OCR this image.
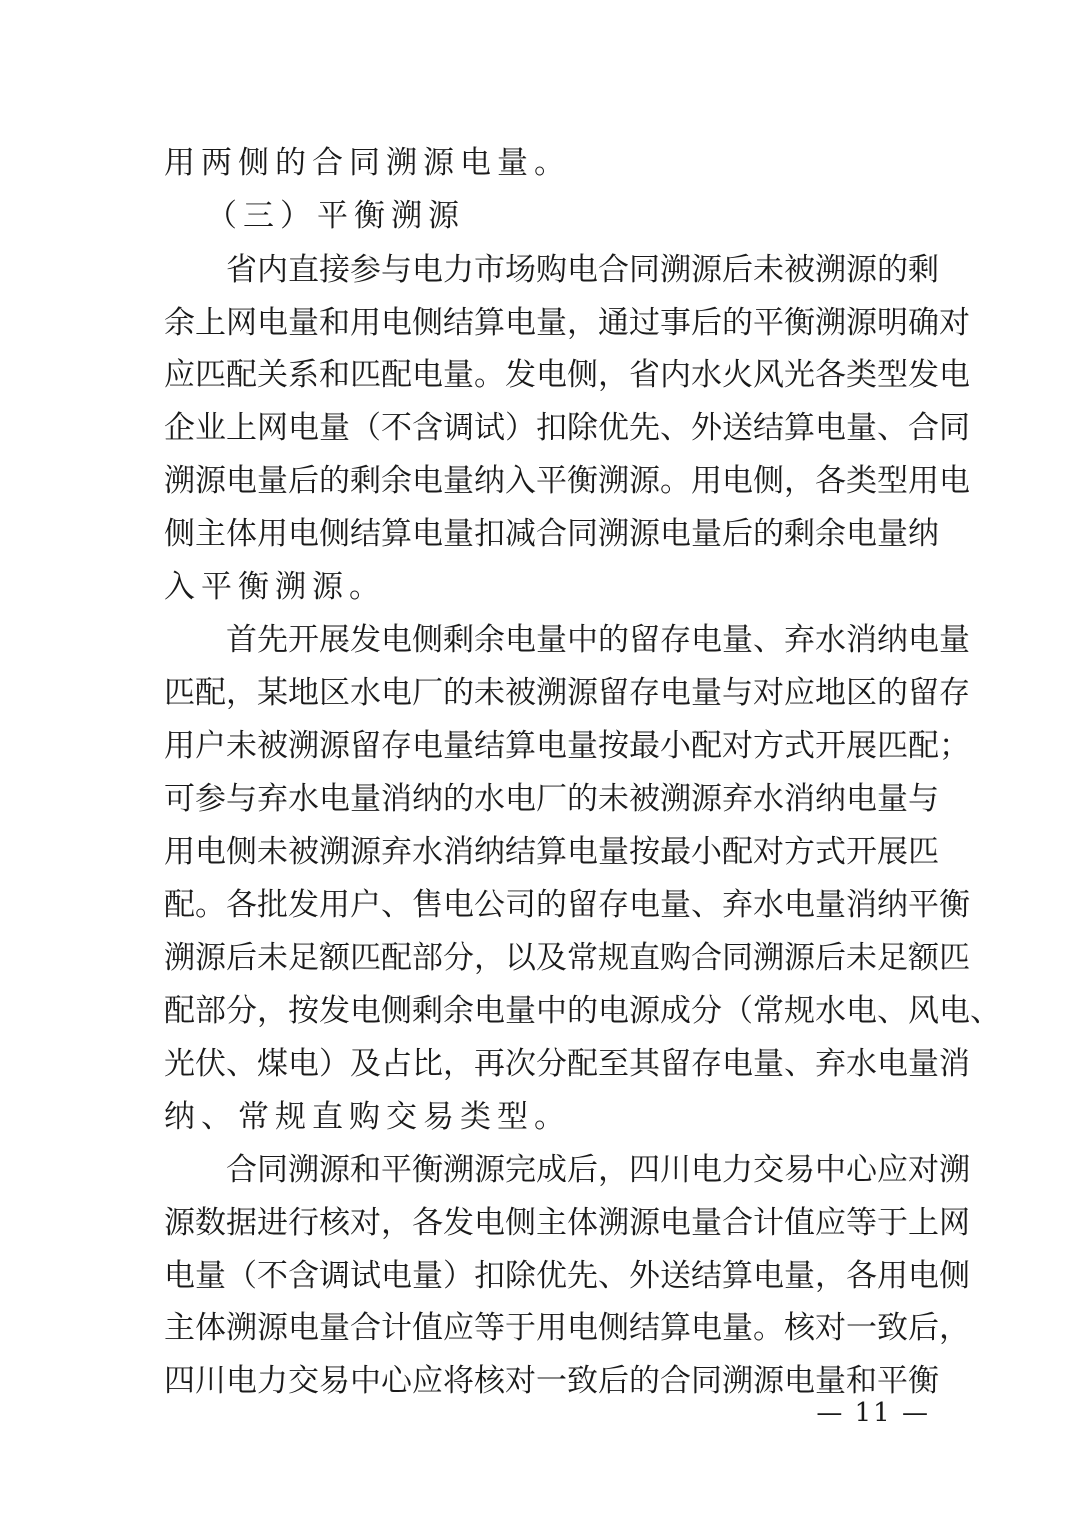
用两侧的合同溯源电量。
（三）平衡溯源
省内直接参与电力市场购电合同溯源后未被溯源的剩
余上网电量和用电侧结算电量，通过事后的平衡溯源明确对
应匹配关系和匹配电量。发电侧，省内水火风光各类型发电
企业上网电量（不含调试）扣除优先、外送结算电量、合同
溯源电量后的剩余电量纳入平衡溯源。用电侧，各类型用电
侧主体用电侧结算电量扣减合同溯源电量后的剩余电量纳
入平衡溯源。
首先开展发电侧剩余电量中的留存电量、弃水消纳电量
匹配，某地区水电厂的未被溯源留存电量与对应地区的留存
用户未被溯源留存电量结算电量按最小配对方式开展匹配；
可参与弃水电量消纳的水电厂的未被溯源弃水消纳电量与
用电侧未被溯源弃水消纳结算电量按最小配对方式开展匹
配。各批发用户、售电公司的留存电量、弃水电量消纳平衡
溯源后未足额匹配部分，以及常规直购合同溯源后未足额匹
配部分，按发电侧剩余电量中的电源成分（常规水电、风电、
光伏、煤电）及占比，再次分配至其留存电量、弃水电量消
纳、常规直购交易类型。
合同溯源和平衡溯源完成后，四川电力交易中心应对溯
源数据进行核对，各发电侧主体溯源电量合计值应等于上网
电量（不含调试电量）扣除优先、外送结算电量，各用电侧
主体溯源电量合计值应等于用电侧结算电量。核对一致后，
四川电力交易中心应将核对一致后的合同溯源电量和平衡
— 11 —
